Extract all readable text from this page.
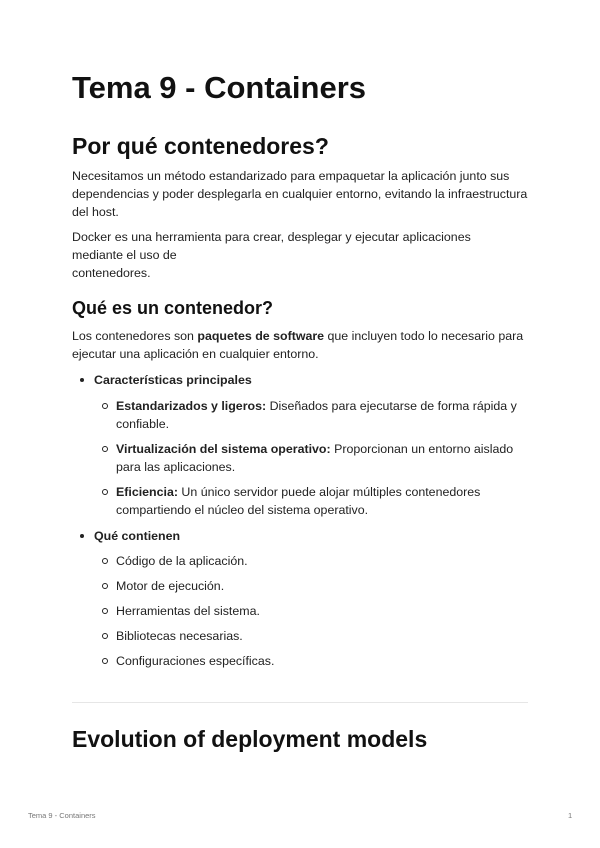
Tema 9 - Containers
Por qué contenedores?

Necesitamos un método estandarizado para empaquetar la aplicación junto sus dependencias y poder desplegarla en cualquier entorno, evitando la infraestructura del host.

Docker es una herramienta para crear, desplegar y ejecutar aplicaciones mediante el uso de
contenedores.

Qué es un contenedor?

Los contenedores son paquetes de software que incluyen todo lo necesario para ejecutar una aplicación en cualquier entorno.

Características principales
Estandarizados y ligeros: Diseñados para ejecutarse de forma rápida y confiable.
Virtualización del sistema operativo: Proporcionan un entorno aislado para las aplicaciones.
Eficiencia: Un único servidor puede alojar múltiples contenedores compartiendo el núcleo del sistema operativo.
Qué contienen
Código de la aplicación.
Motor de ejecución.
Herramientas del sistema.
Bibliotecas necesarias.
Configuraciones específicas.
Evolution of deployment models
Tema 9 - Containers	1
